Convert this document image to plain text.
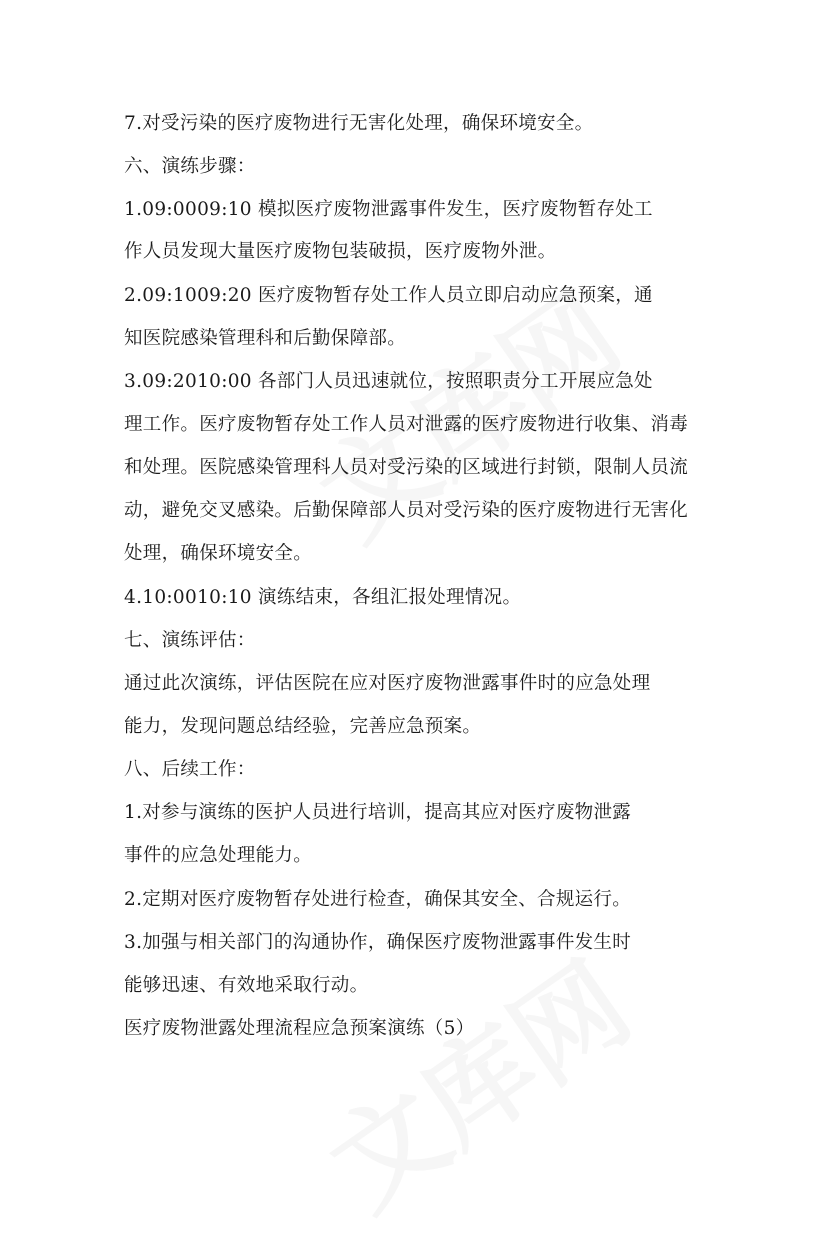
7.对受污染的医疗废物进行无害化处理，确保环境安全。
六、演练步骤：
1.09:0009:10 模拟医疗废物泄露事件发生，医疗废物暂存处工
作人员发现大量医疗废物包装破损，医疗废物外泄。
2.09:1009:20 医疗废物暂存处工作人员立即启动应急预案，通
知医院感染管理科和后勤保障部。
3.09:2010:00 各部门人员迅速就位，按照职责分工开展应急处
理工作。医疗废物暂存处工作人员对泄露的医疗废物进行收集、消毒
和处理。医院感染管理科人员对受污染的区域进行封锁，限制人员流
动，避免交叉感染。后勤保障部人员对受污染的医疗废物进行无害化
处理，确保环境安全。
4.10:0010:10 演练结束，各组汇报处理情况。
七、演练评估：
通过此次演练，评估医院在应对医疗废物泄露事件时的应急处理
能力，发现问题总结经验，完善应急预案。
八、后续工作：
1.对参与演练的医护人员进行培训，提高其应对医疗废物泄露
事件的应急处理能力。
2.定期对医疗废物暂存处进行检查，确保其安全、合规运行。
3.加强与相关部门的沟通协作，确保医疗废物泄露事件发生时
能够迅速、有效地采取行动。
医疗废物泄露处理流程应急预案演练（5）
